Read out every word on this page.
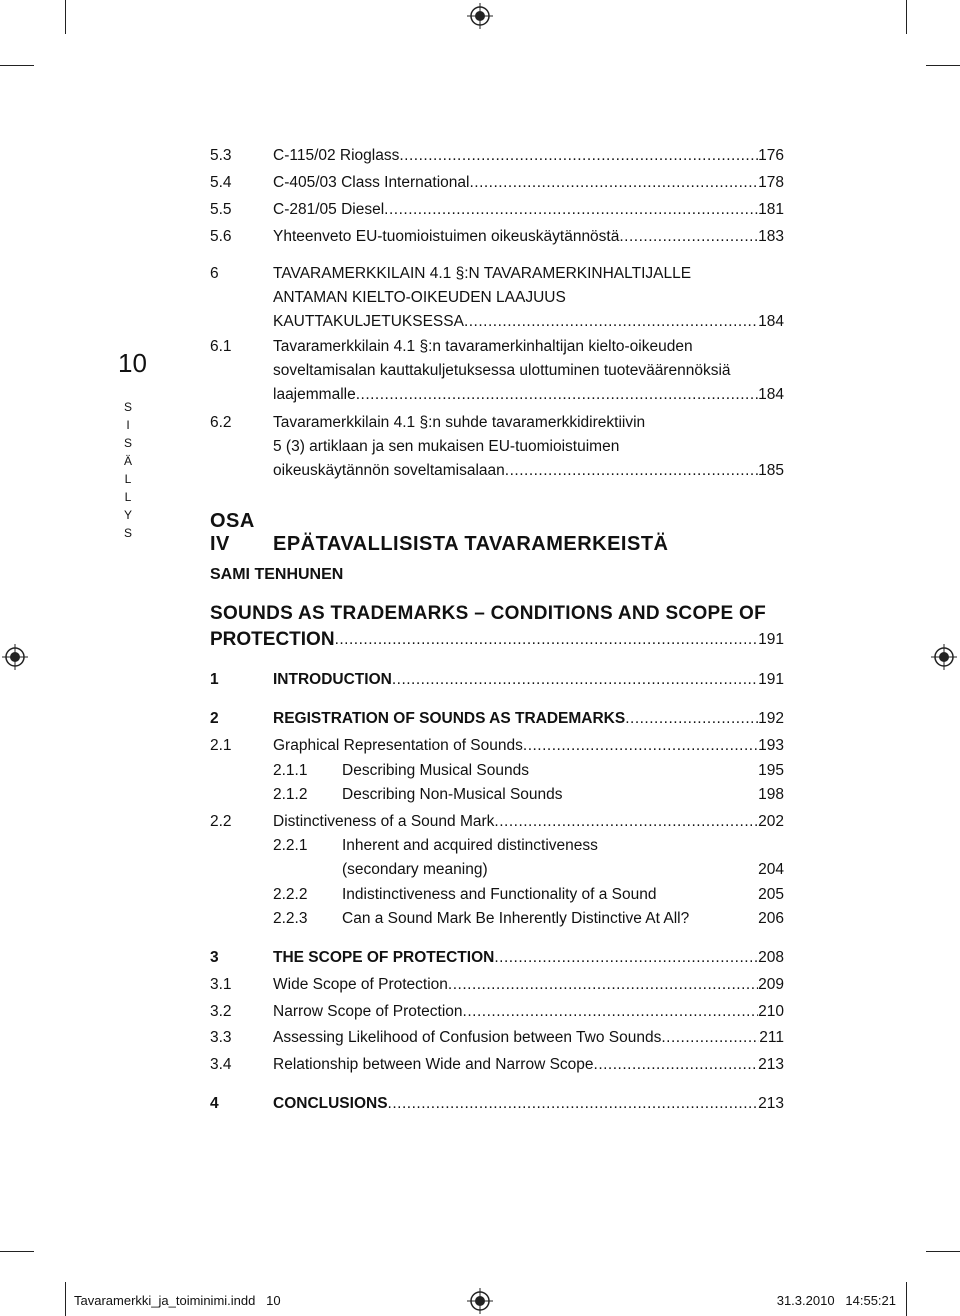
10
SISÄLLYS
5.3	C-115/02 Rioglass .....	176
5.4	C-405/03 Class International .....	178
5.5	C-281/05 Diesel .....	181
5.6	Yhteenveto EU-tuomioistuimen oikeuskäytännöstä .....	183
6	TAVARAMERKKILAIN 4.1 §:N TAVARAMERKINHALTIJALLE
ANTAMAN KIELTO-OIKEUDEN LAAJUUS
KAUTTAKULJETUKSESSA .....	184
6.1	Tavaramerkkilain 4.1 §:n tavaramerkinhaltijan kielto-oikeuden
soveltamisalan kauttakuljetuksessa ulottuminen tuoteväärennöksiä
laajemmalle .....	184
6.2	Tavaramerkkilain 4.1 §:n suhde tavaramerkkidirektiivin
5 (3) artiklaan ja sen mukaisen EU-tuomioistuimen
oikeuskäytännön soveltamisalaan .....	185
OSA IV EPÄTAVALLISISTA TAVARAMERKEISTÄ
SAMI TENHUNEN
SOUNDS AS TRADEMARKS – CONDITIONS AND SCOPE OF
PROTECTION .....	191
1	INTRODUCTION .....	191
2	REGISTRATION OF SOUNDS AS TRADEMARKS .....	192
2.1	Graphical Representation of Sounds .....	193
2.1.1 Describing Musical Sounds	195
2.1.2 Describing Non-Musical Sounds	198
2.2	Distinctiveness of a Sound Mark .....	202
2.2.1 Inherent and acquired distinctiveness
(secondary meaning)	204
2.2.2 Indistinctiveness and Functionality of a Sound	205
2.2.3 Can a Sound Mark Be Inherently Distinctive At All?	206
3	THE SCOPE OF PROTECTION .....	208
3.1	Wide Scope of Protection .....	209
3.2	Narrow Scope of Protection .....	210
3.3	Assessing Likelihood of Confusion between Two Sounds .....	211
3.4	Relationship between Wide and Narrow Scope .....	213
4	CONCLUSIONS .....	213
Tavaramerkki_ja_toiminimi.indd   10	31.3.2010   14:55:21
